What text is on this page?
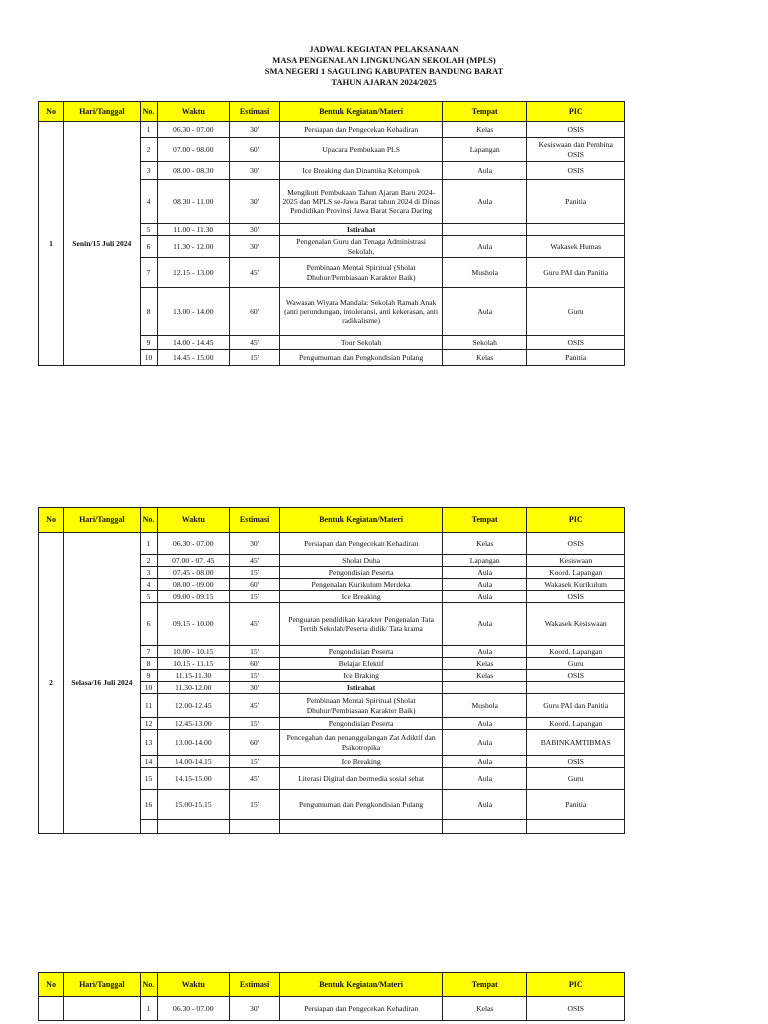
JADWAL KEGIATAN PELAKSANAAN
MASA PENGENALAN LINGKUNGAN SEKOLAH (MPLS)
SMA NEGERI 1 SAGULING KABUPATEN BANDUNG BARAT
TAHUN AJARAN 2024/2025
No	Hari/Tanggal	No.	Waktu	Estimasi	Bentuk Kegiatan/Materi	Tempat	PIC
1	Senin/15 Juli 2024	1	06.30 - 07.00	30'	Persiapan dan Pengecekan Kehadiran	Kelas	OSIS
		2	07.00 - 08.00	60'	Upacara Pembukaan PLS	Lapangan	Kesiswaan dan Pembina OSIS
		3	08.00 - 08.30	30'	Ice Breaking dan Dinamika Kelompok	Aula	OSIS
		4	08.30 - 11.00	30'	Mengikuti Pembukaan Tahun Ajaran Baru 2024- 2025 dan MPLS se-Jawa Barat tahun 2024 di Dinas Pendidikan Provinsi Jawa Barat Secara Daring	Aula	Panitia
		5	11.00 - 11.30	30'	Istirahat		
		6	11.30 - 12.00	30'	Pengenalan Guru dan Tenaga Administrasi Sekolah,	Aula	Wakasek Humas
		7	12.15 - 13.00	45'	Pembinaan Mentai Spiritual (Sholat Dhuhur/Pembiasaan Karakter Baik)	Mushola	Guru PAI dan Panitia
		8	13.00 - 14.00	60'	Wawasan Wiyata Mandala: Sekolah Ramah Anak (anti perundungan, intoleransi, anti kekerasan, anti radikalisme)	Aula	Guru
		9	14.00 - 14.45	45'	Tour Sekolah	Sekolah	OSIS
		10	14.45 - 15.00	15'	Pengumuman dan Pengkondisian Pulang	Kelas	Panitia
No	Hari/Tanggal	No.	Waktu	Estimasi	Bentuk Kegiatan/Materi	Tempat	PIC
2	Selasa/16 Juli 2024	1	06.30 - 07.00	30'	Persiapan dan Pengecekan Kehadiran	Kelas	OSIS
		2	07.00 - 07. 45	45'	Sholat Duha	Lapangan	Kesiswaan
		3	07.45 - 08.00	15'	Pengondisian Peserta	Aula	Koord. Lapangan
		4	08.00 - 09.00	60'	Pengenalan Kurikulum Merdeka	Aula	Wakasek Kurikulum
		5	09.00 - 09.15	15'	Ice Breaking	Aula	OSIS
		6	09.15 - 10.00	45'	Penguatan pendidikan karakter Pengenalan Tata Tertib Sekolah/Peserta didik/ Tata krama	Aula	Wakasek Kesiswaan
		7	10.00 - 10.15	15'	Pengondisian Peserta	Aula	Koord. Lapangan
		8	10.15 - 11.15	60'	Belajar Efektif	Kelas	Guru
		9	11.15-11.30	15'	Ice Braking	Kelas	OSIS
		10	11.30-12.00	30'	Istirahat		
		11	12.00-12.45	45'	Pembinaan Mentai Spiritual (Sholat Dhuhur/Pembiasaan Karakter Baik)	Mushola	Guru PAI dan Panitia
		12	12.45-13.00	15'	Pengondisian Peserta	Aula	Koord. Lapangan
		13	13.00-14.00	60'	Pencegahan dan penanggulangan Zat Adiktif dan Psikotropika	Aula	BABINKAMTIBMAS
		14	14.00-14.15	15'	Ice Breaking	Aula	OSIS
		15	14.15-15.00	45'	Literasi Digital dan bermedia sosial sehat	Aula	Guru
		16	15.00-15.15	15'	Pengumuman dan Pengkondisian Pulang	Aula	Panitia

No	Hari/Tanggal	No.	Waktu	Estimasi	Bentuk Kegiatan/Materi	Tempat	PIC
		1	06.30 - 07.00	30'	Persiapan dan Pengecekan Kehadiran	Kelas	OSIS
